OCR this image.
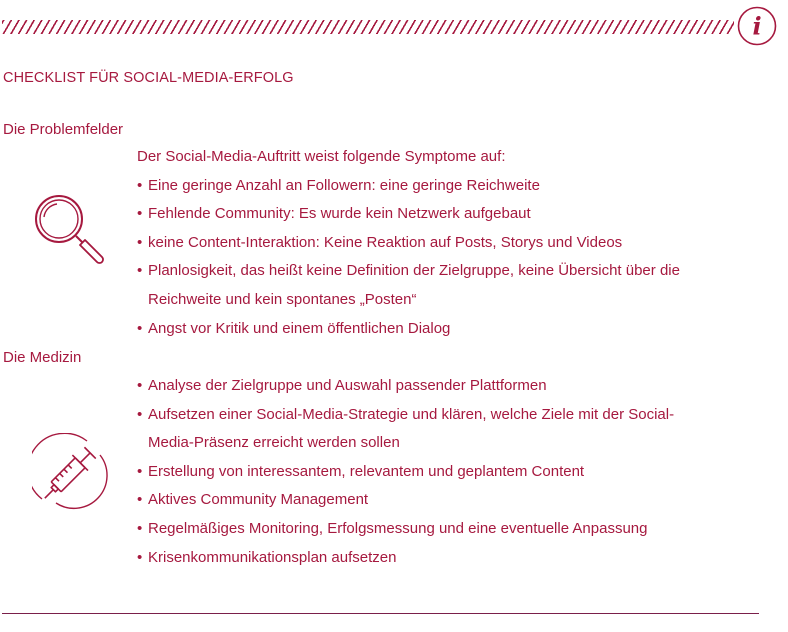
i
CHECKLIST FÜR SOCIAL-MEDIA-ERFOLG
Die Problemfelder
Der Social-Media-Auftritt weist folgende Symptome auf:
• Eine geringe Anzahl an Followern: eine geringe Reichweite
• Fehlende Community: Es wurde kein Netzwerk aufgebaut
• keine Content-Interaktion: Keine Reaktion auf Posts, Storys und Videos
• Planlosigkeit, das heißt keine Definition der Zielgruppe, keine Übersicht über die Reichweite und kein spontanes „Posten“
• Angst vor Kritik und einem öffentlichen Dialog
Die Medizin
• Analyse der Zielgruppe und Auswahl passender Plattformen
• Aufsetzen einer Social-Media-Strategie und klären, welche Ziele mit der Social-Media-Präsenz erreicht werden sollen
• Erstellung von interessantem, relevantem und geplantem Content
• Aktives Community Management
• Regelmäßiges Monitoring, Erfolgsmessung und eine eventuelle Anpassung
• Krisenkommunikationsplan aufsetzen
